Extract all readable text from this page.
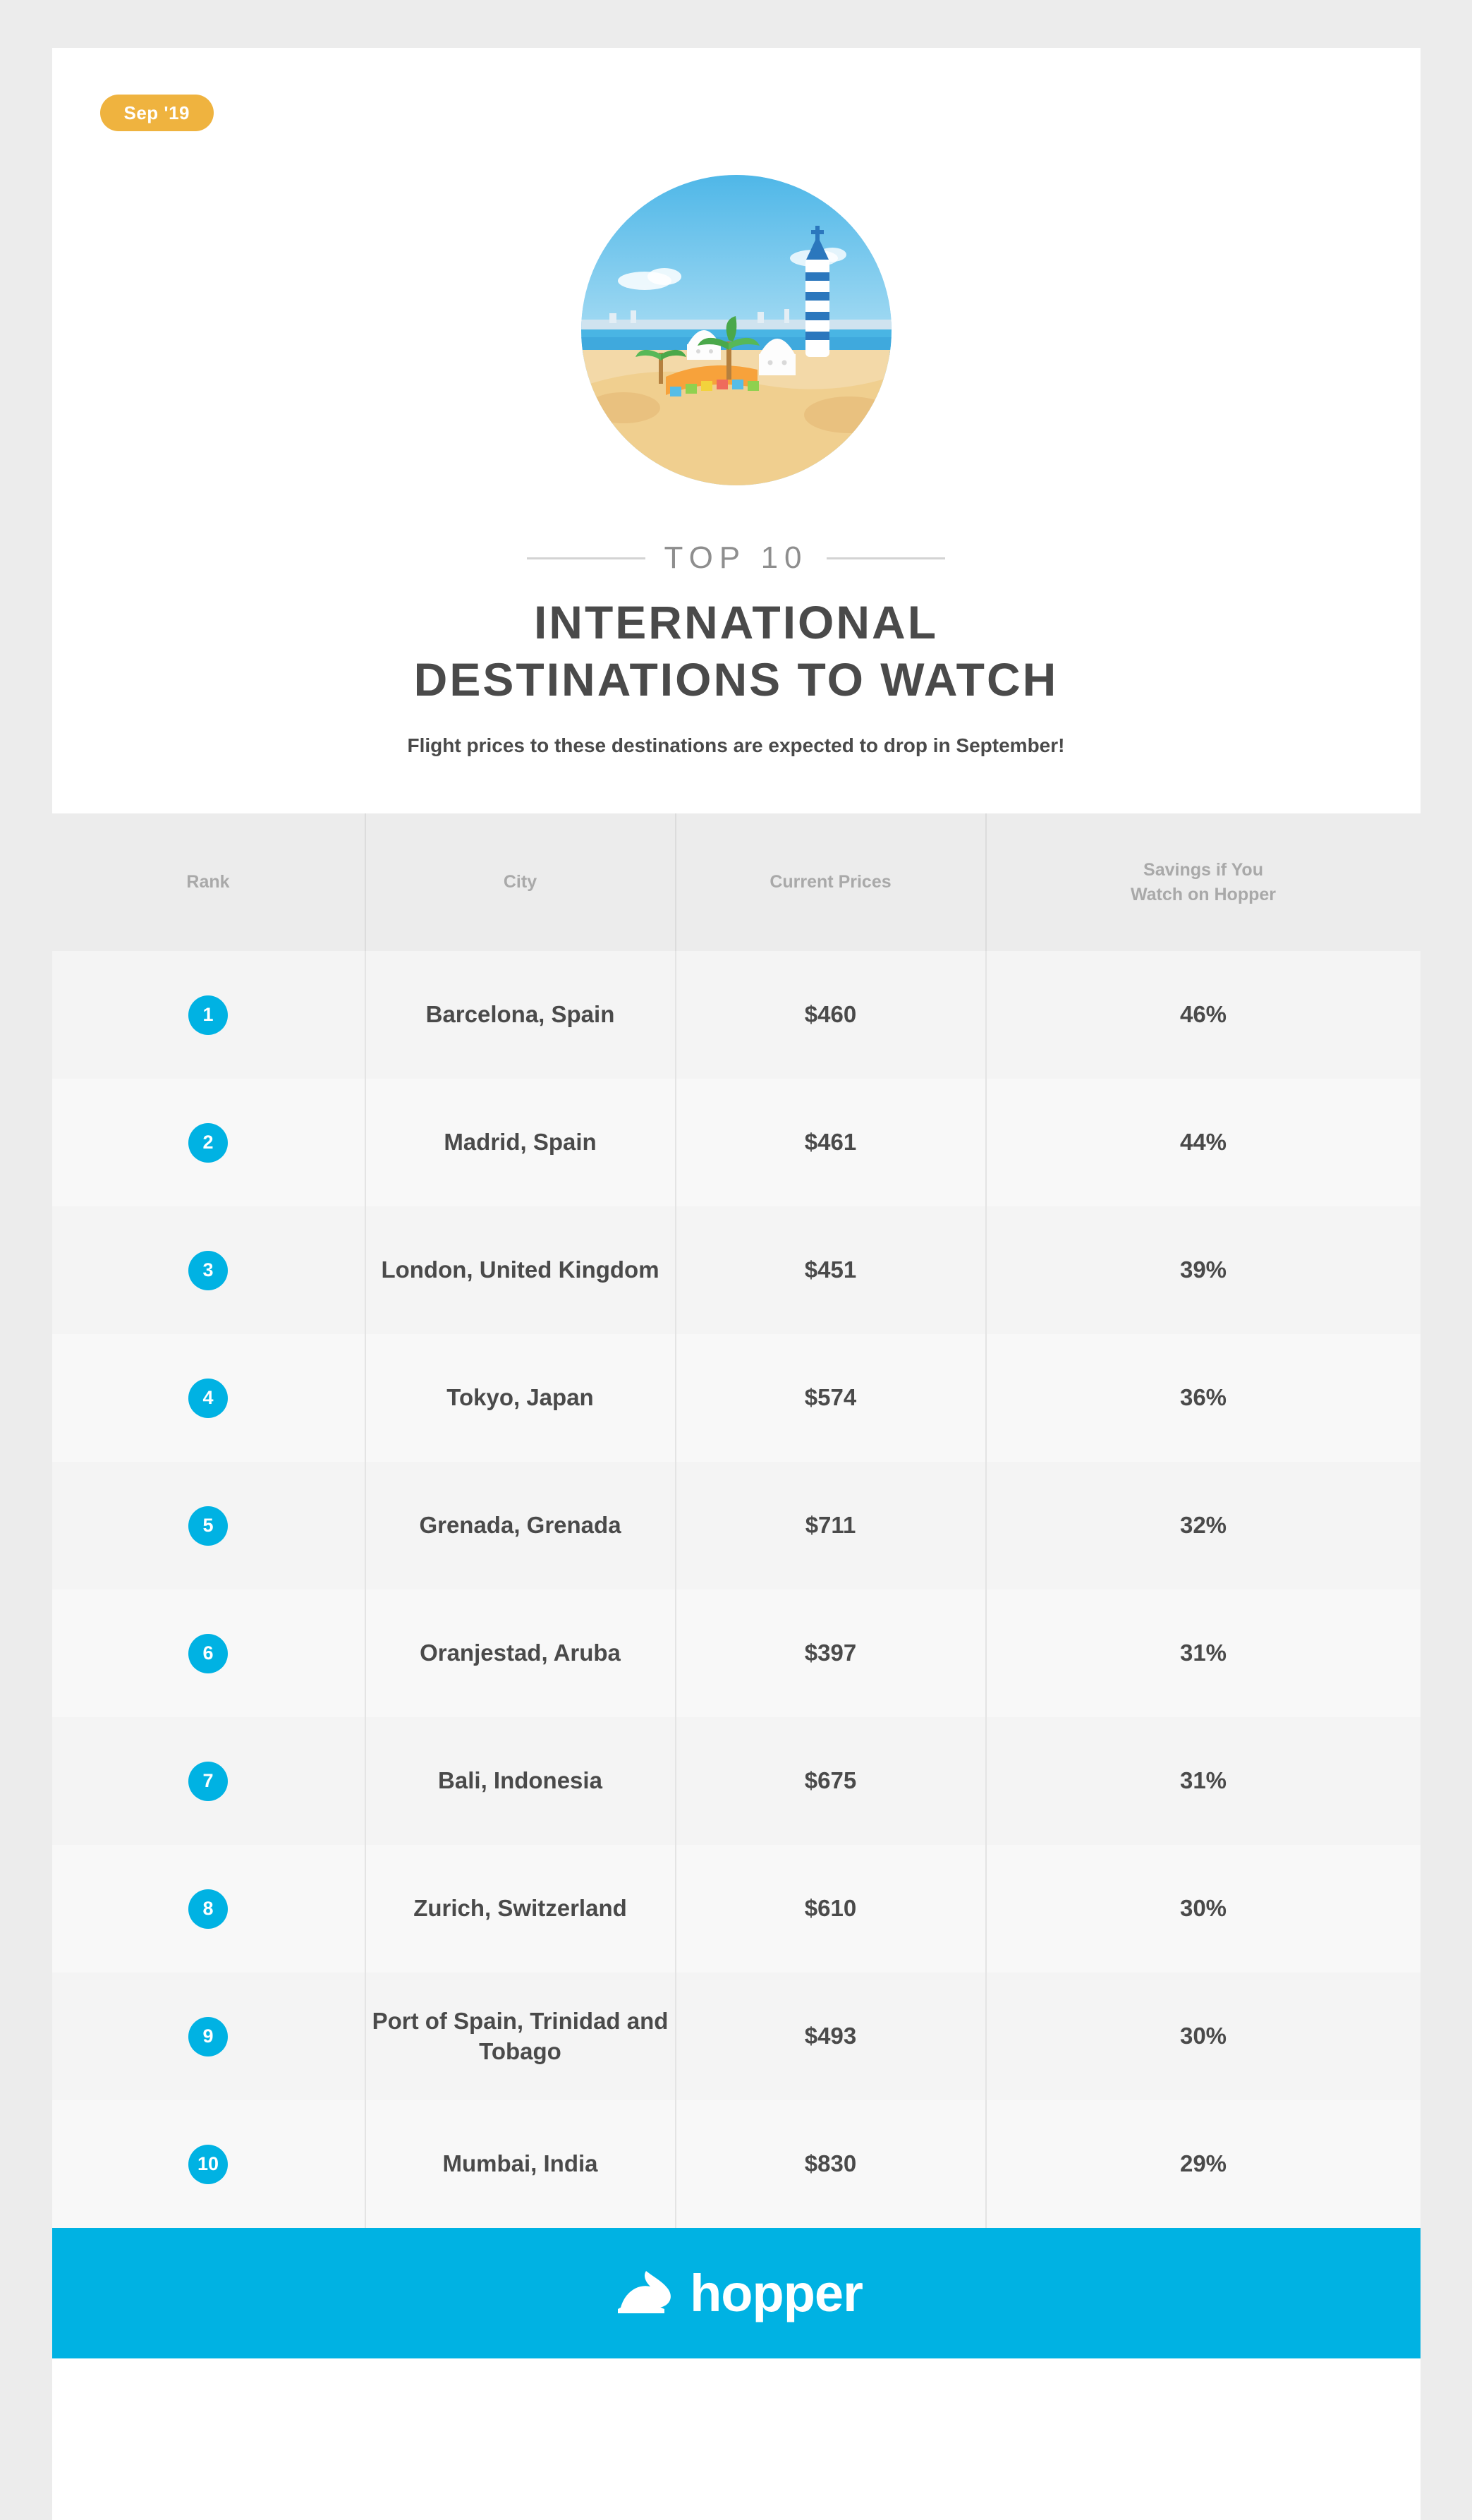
Sep '19
TOP 10
INTERNATIONAL
DESTINATIONS TO WATCH
Flight prices to these destinations are expected to drop in September!
Rank	City	Current Prices	Savings if You
Watch on Hopper
1	Barcelona, Spain	$460	46%
2	Madrid, Spain	$461	44%
3	London, United Kingdom	$451	39%
4	Tokyo, Japan	$574	36%
5	Grenada, Grenada	$711	32%
6	Oranjestad, Aruba	$397	31%
7	Bali, Indonesia	$675	31%
8	Zurich, Switzerland	$610	30%
9	Port of Spain, Trinidad and Tobago	$493	30%
10	Mumbai, India	$830	29%
hopper
